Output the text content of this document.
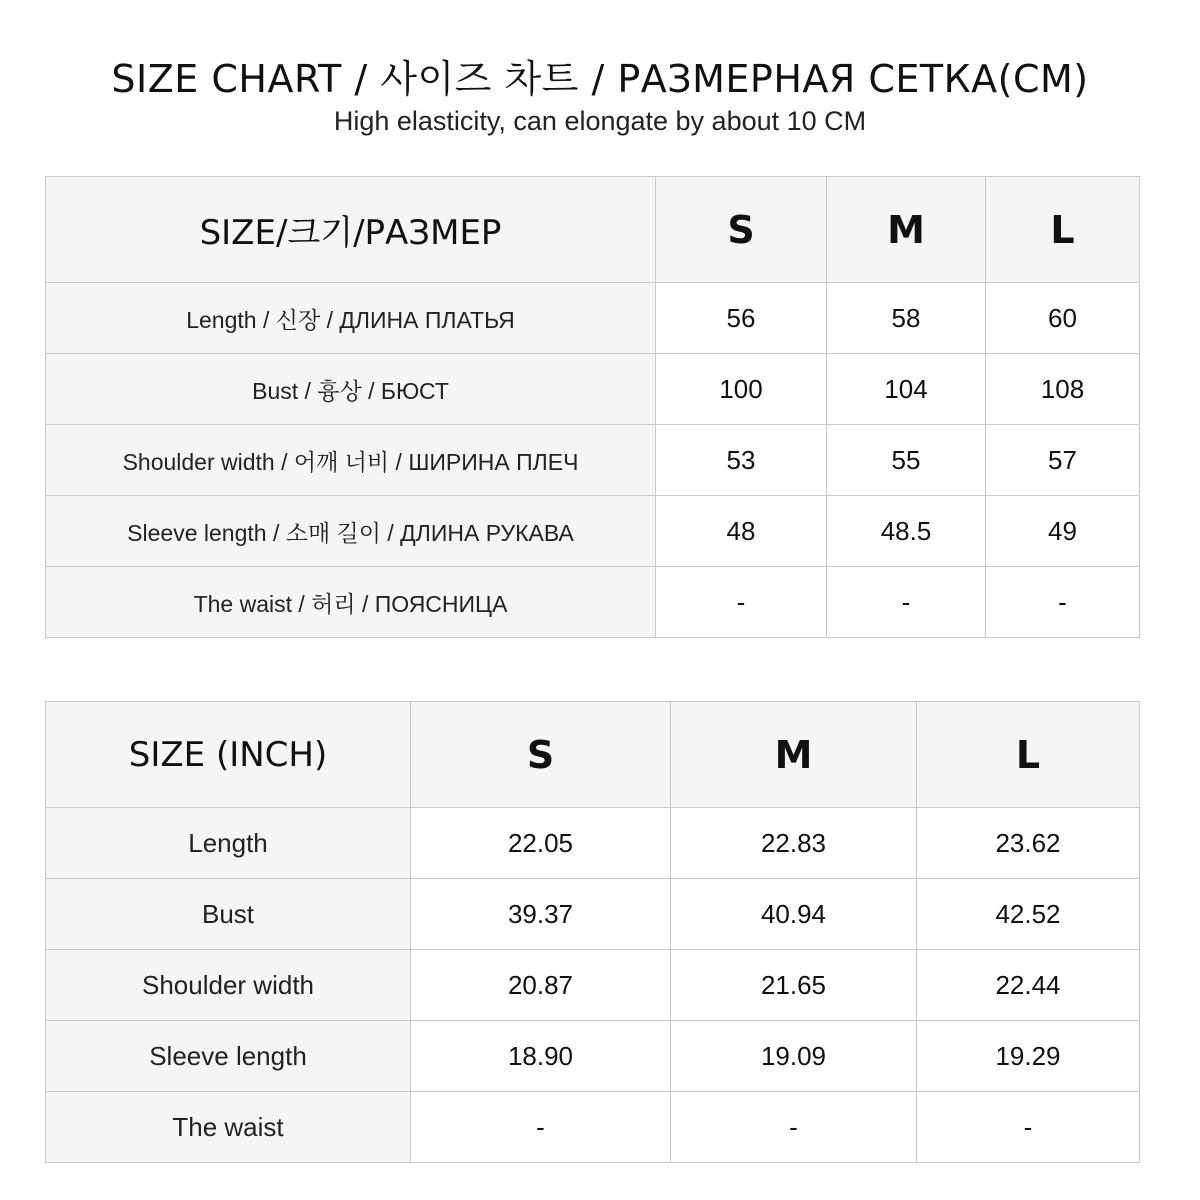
SIZE CHART / 사이즈 차트 / РАЗМЕРНАЯ СЕТКА(CM)
High elasticity, can elongate by about 10 CM
SIZE/크기/РАЗМЕР	S	M	L
Length / 신장 / ДЛИНА ПЛАТЬЯ	56	58	60
Bust / 흉상 / БЮСТ	100	104	108
Shoulder width / 어깨 너비 / ШИРИНА ПЛЕЧ	53	55	57
Sleeve length / 소매 길이 / ДЛИНА РУКАВА	48	48.5	49
The waist / 허리 / ПОЯСНИЦА	-	-	-
SIZE (INCH)	S	M	L
Length	22.05	22.83	23.62
Bust	39.37	40.94	42.52
Shoulder width	20.87	21.65	22.44
Sleeve length	18.90	19.09	19.29
The waist	-	-	-
